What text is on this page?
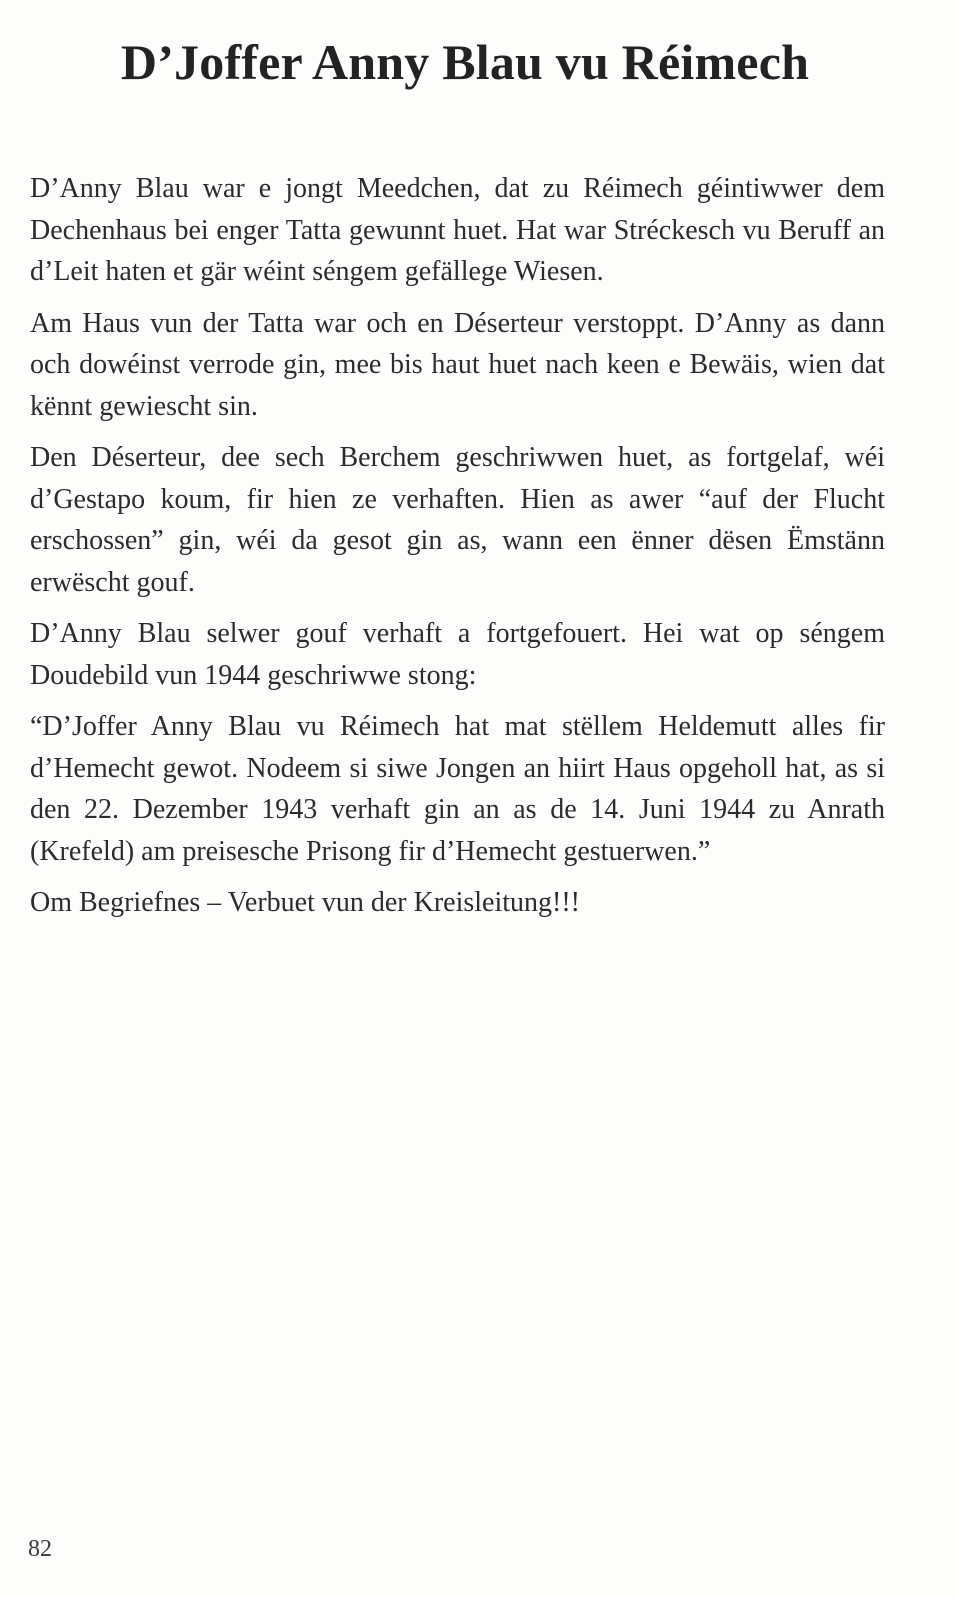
D’Joffer Anny Blau vu Réimech

D’Anny Blau war e jongt Meedchen, dat zu Réimech géintiwwer dem Dechenhaus bei enger Tatta gewunnt huet. Hat war Stréckesch vu Beruff an d’Leit haten et gär wéint séngem gefällege Wiesen.

Am Haus vun der Tatta war och en Déserteur verstoppt. D’Anny as dann och dowéinst verrode gin, mee bis haut huet nach keen e Bewäis, wien dat kënnt gewiescht sin.

Den Déserteur, dee sech Berchem geschriwwen huet, as fortgelaf, wéi d’Gestapo koum, fir hien ze verhaften. Hien as awer “auf der Flucht erschossen” gin, wéi da gesot gin as, wann een ënner dësen Ëmstänn erwëscht gouf.

D’Anny Blau selwer gouf verhaft a fortgefouert. Hei wat op séngem Doudebild vun 1944 geschriwwe stong:

“D’Joffer Anny Blau vu Réimech hat mat stëllem Heldemutt alles fir d’Hemecht gewot. Nodeem si siwe Jongen an hiirt Haus opgeholl hat, as si den 22. Dezember 1943 verhaft gin an as de 14. Juni 1944 zu Anrath (Krefeld) am preisesche Prisong fir d’Hemecht gestuerwen.”

Om Begriefnes – Verbuet vun der Kreisleitung!!!

82
